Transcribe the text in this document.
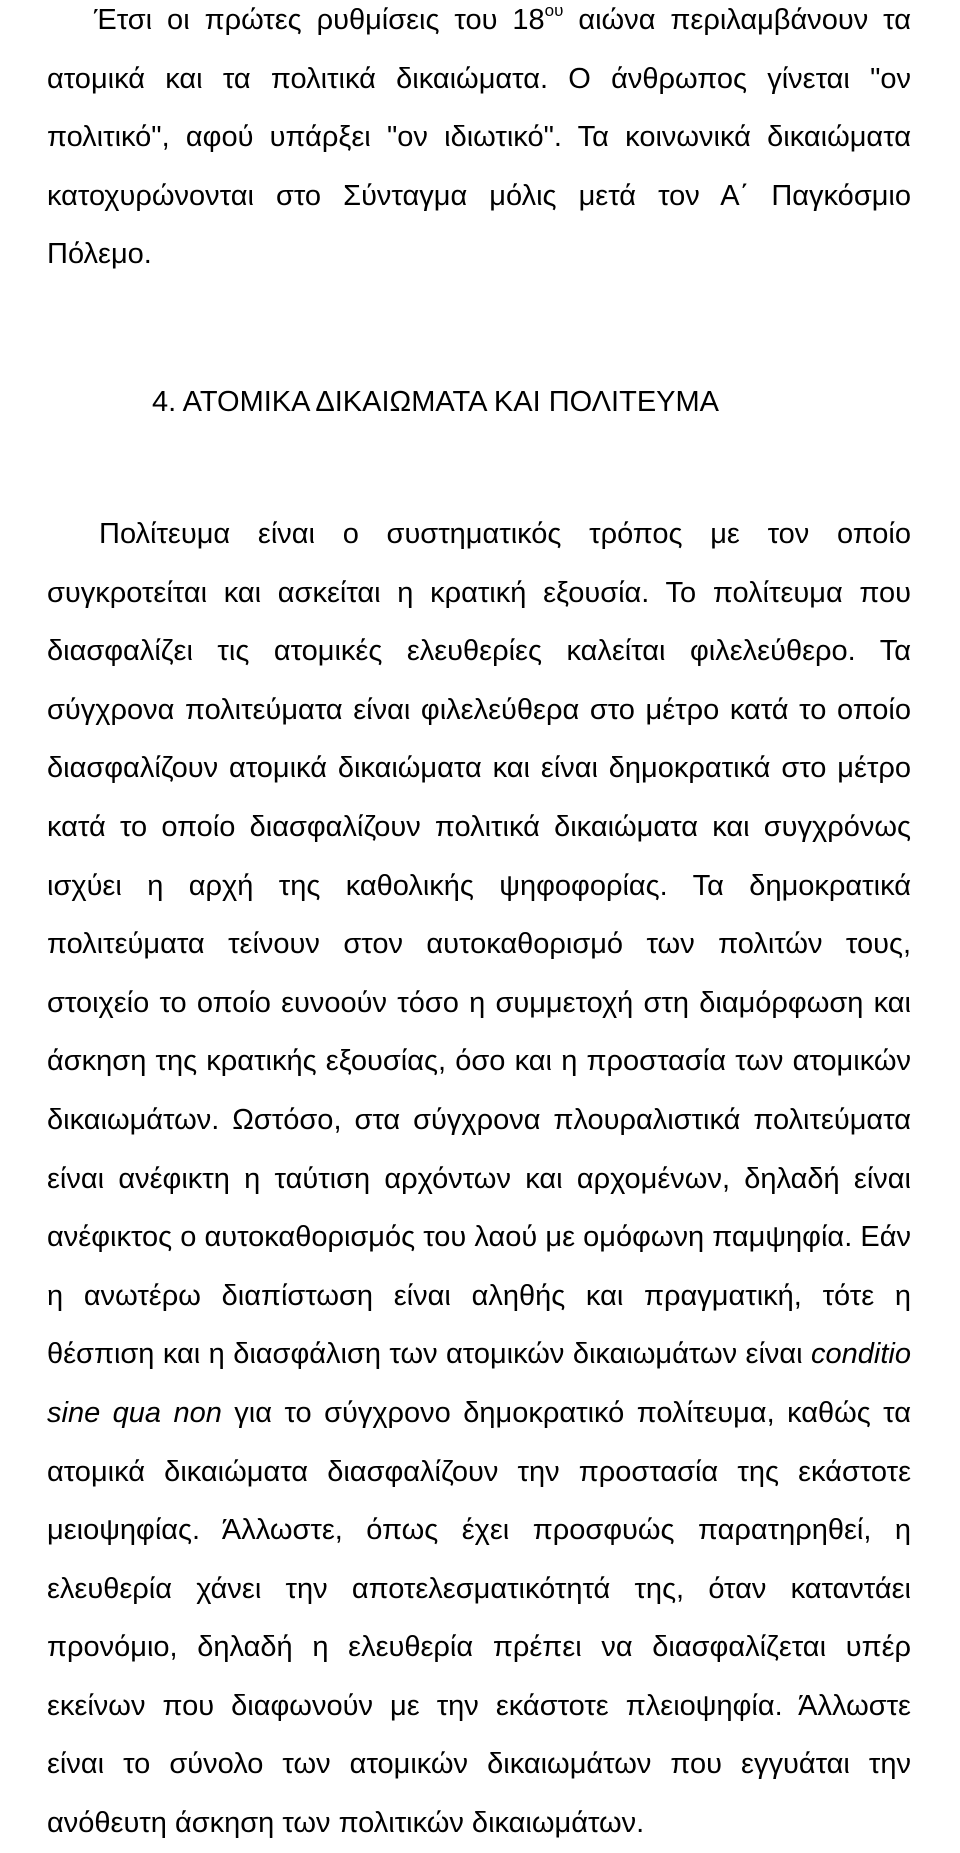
Έτσι οι πρώτες ρυθμίσεις του $18^{o\upsilon}$ αιώνα περιλαμβάνουν τα ατομικά και τα πολιτικά δικαιώματα. Ο άνθρωπος γίνεται "ον πολιτικό", αφού υπάρξει "ον ιδιωτικό". Τα κοινωνικά δικαιώματα κατοχυρώνονται στο Σύνταγμα μόλις μετά τον Α΄ Παγκόσμιο Πόλεμο.

4. ΑΤΟΜΙΚΑ ΔΙΚΑΙΩΜΑΤΑ ΚΑΙ ΠΟΛΙΤΕΥΜΑ

Πολίτευμα είναι ο συστηματικός τρόπος με τον οποίο συγκροτείται και ασκείται η κρατική εξουσία. Το πολίτευμα που διασφαλίζει τις ατομικές ελευθερίες καλείται φιλελεύθερο. Τα σύγχρονα πολιτεύματα είναι φιλελεύθερα στο μέτρο κατά το οποίο διασφαλίζουν ατομικά δικαιώματα και είναι δημοκρατικά στο μέτρο κατά το οποίο διασφαλίζουν πολιτικά δικαιώματα και συγχρόνως ισχύει η αρχή της καθολικής ψηφοφορίας. Τα δημοκρατικά πολιτεύματα τείνουν στον αυτοκαθορισμό των πολιτών τους, στοιχείο το οποίο ευνοούν τόσο η συμμετοχή στη διαμόρφωση και άσκηση της κρατικής εξουσίας, όσο και η προστασία των ατομικών δικαιωμάτων. Ωστόσο, στα σύγχρονα πλουραλιστικά πολιτεύματα είναι ανέφικτη η ταύτιση αρχόντων και αρχομένων, δηλαδή είναι ανέφικτος ο αυτοκαθορισμός του λαού με ομόφωνη παμψηφία. Εάν η ανωτέρω διαπίστωση είναι αληθής και πραγματική, τότε η θέσπιση και η διασφάλιση των ατομικών δικαιωμάτων είναι conditio sine qua non για το σύγχρονο δημοκρατικό πολίτευμα, καθώς τα ατομικά δικαιώματα διασφαλίζουν την προστασία της εκάστοτε μειοψηφίας. Άλλωστε, όπως έχει προσφυώς παρατηρηθεί, η ελευθερία χάνει την αποτελεσματικότητά της, όταν καταντάει προνόμιο, δηλαδή η ελευθερία πρέπει να διασφαλίζεται υπέρ εκείνων που διαφωνούν με την εκάστοτε πλειοψηφία. Άλλωστε είναι το σύνολο των ατομικών δικαιωμάτων που εγγυάται την ανόθευτη άσκηση των πολιτικών δικαιωμάτων.
